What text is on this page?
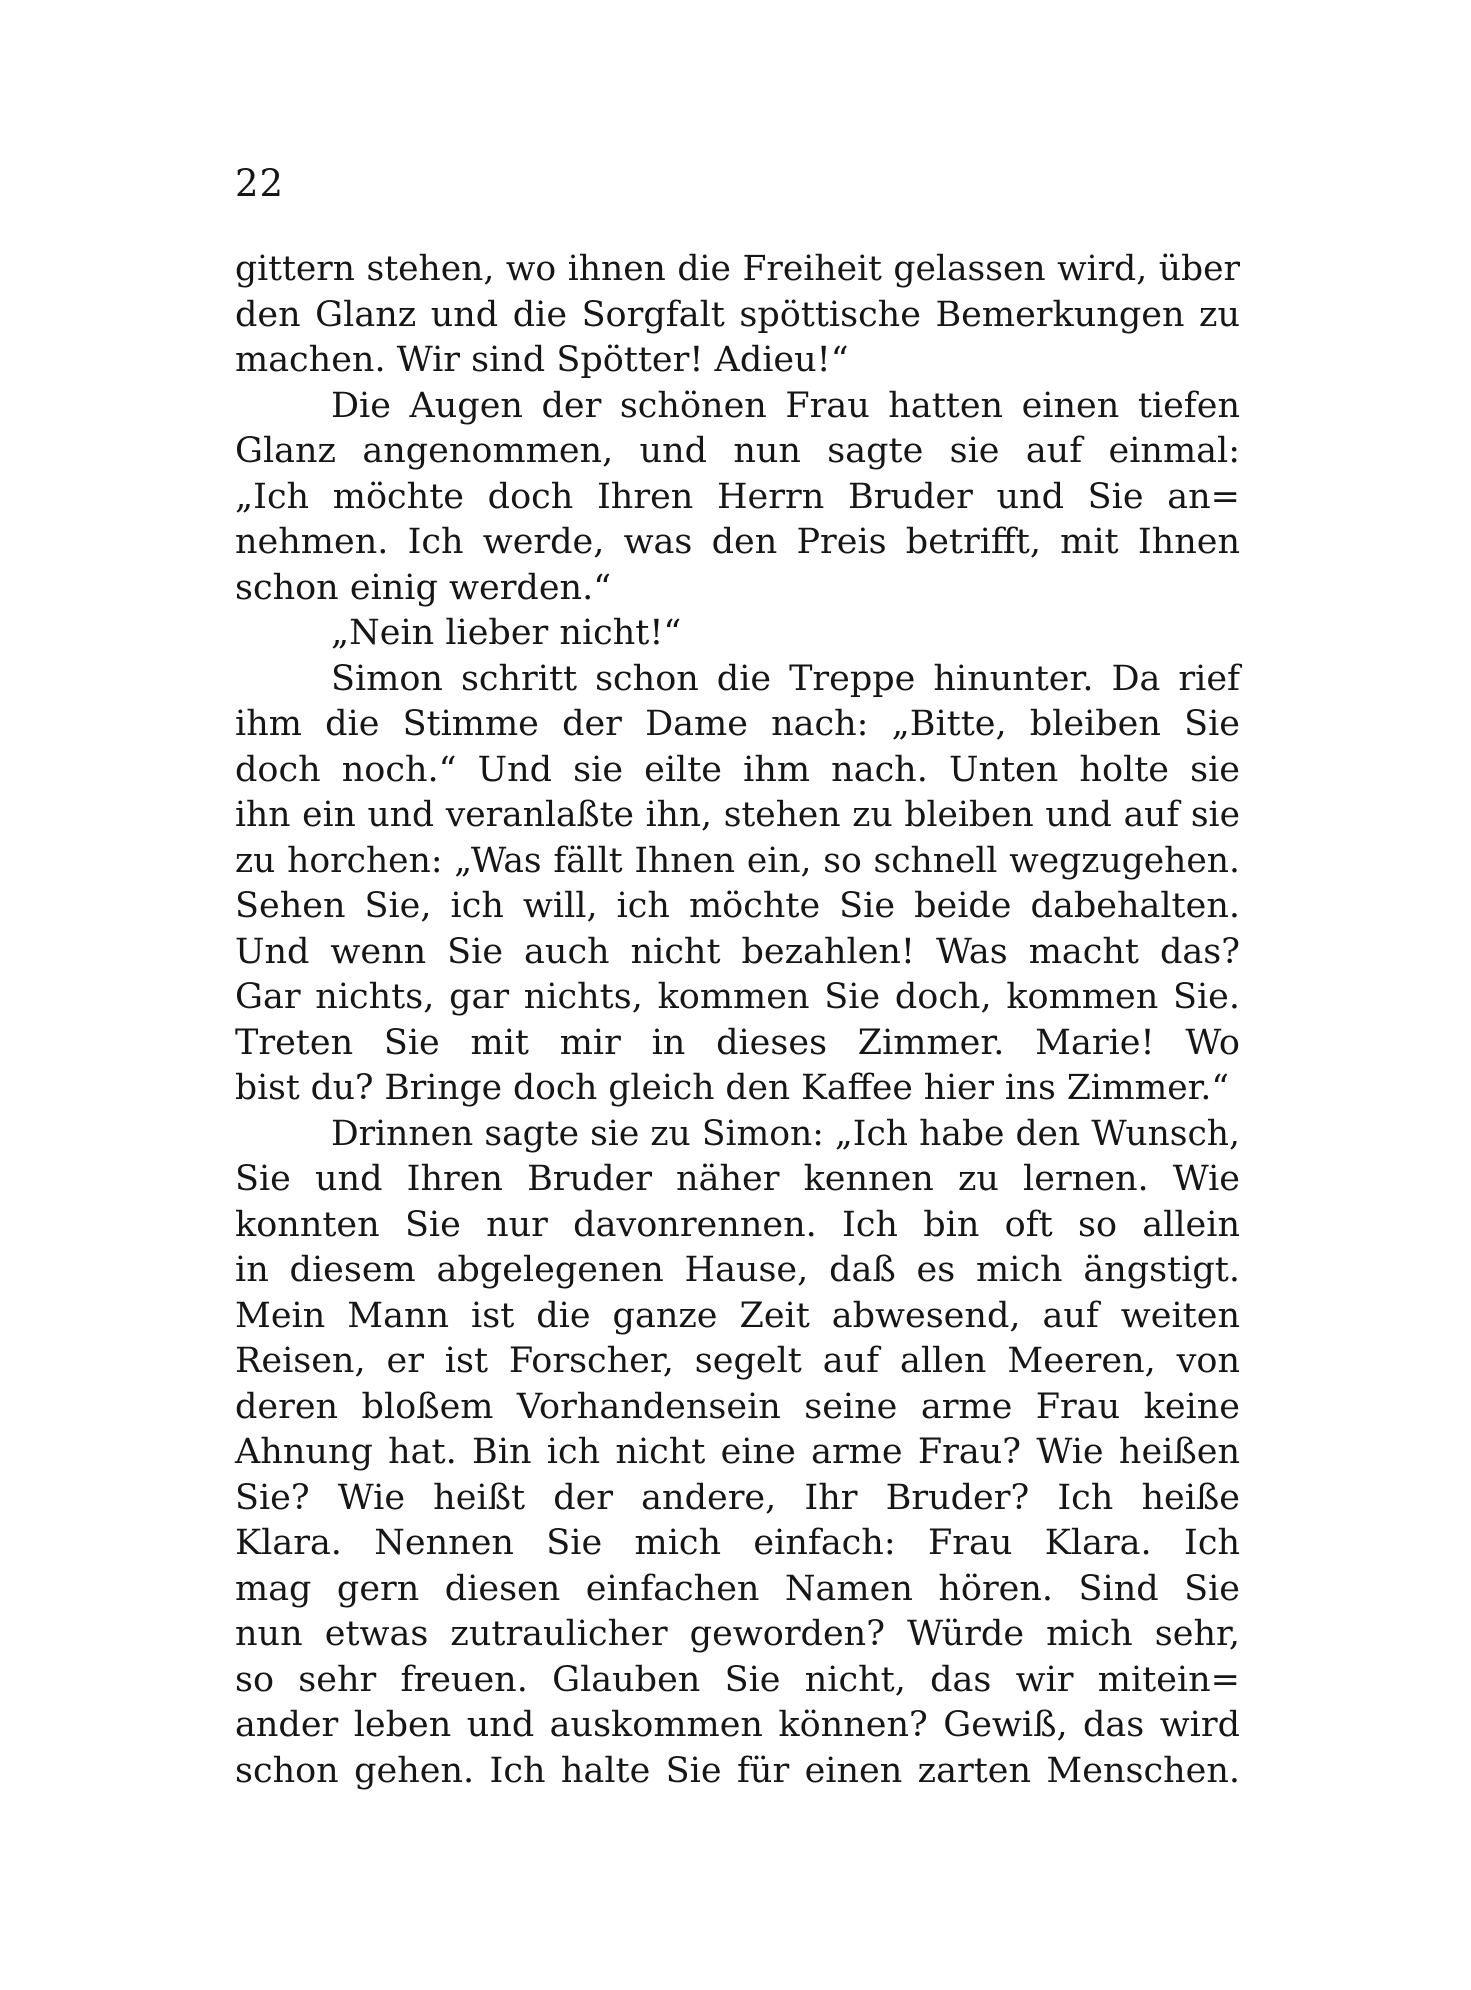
22
gittern stehen, wo ihnen die Freiheit gelassen wird, über
den Glanz und die Sorgfalt spöttische Bemerkungen zu
machen. Wir sind Spötter! Adieu!“
Die Augen der schönen Frau hatten einen tiefen
Glanz angenommen, und nun sagte sie auf einmal:
„Ich möchte doch Ihren Herrn Bruder und Sie an=
nehmen. Ich werde, was den Preis betrifft, mit Ihnen
schon einig werden.“
„Nein lieber nicht!“
Simon schritt schon die Treppe hinunter. Da rief
ihm die Stimme der Dame nach: „Bitte, bleiben Sie
doch noch.“ Und sie eilte ihm nach. Unten holte sie
ihn ein und veranlaßte ihn, stehen zu bleiben und auf sie
zu horchen: „Was fällt Ihnen ein, so schnell wegzugehen.
Sehen Sie, ich will, ich möchte Sie beide dabehalten.
Und wenn Sie auch nicht bezahlen! Was macht das?
Gar nichts, gar nichts, kommen Sie doch, kommen Sie.
Treten Sie mit mir in dieses Zimmer. Marie! Wo
bist du? Bringe doch gleich den Kaffee hier ins Zimmer.“
Drinnen sagte sie zu Simon: „Ich habe den Wunsch,
Sie und Ihren Bruder näher kennen zu lernen. Wie
konnten Sie nur davonrennen. Ich bin oft so allein
in diesem abgelegenen Hause, daß es mich ängstigt.
Mein Mann ist die ganze Zeit abwesend, auf weiten
Reisen, er ist Forscher, segelt auf allen Meeren, von
deren bloßem Vorhandensein seine arme Frau keine
Ahnung hat. Bin ich nicht eine arme Frau? Wie heißen
Sie? Wie heißt der andere, Ihr Bruder? Ich heiße
Klara. Nennen Sie mich einfach: Frau Klara. Ich
mag gern diesen einfachen Namen hören. Sind Sie
nun etwas zutraulicher geworden? Würde mich sehr,
so sehr freuen. Glauben Sie nicht, das wir mitein=
ander leben und auskommen können? Gewiß, das wird
schon gehen. Ich halte Sie für einen zarten Menschen.
